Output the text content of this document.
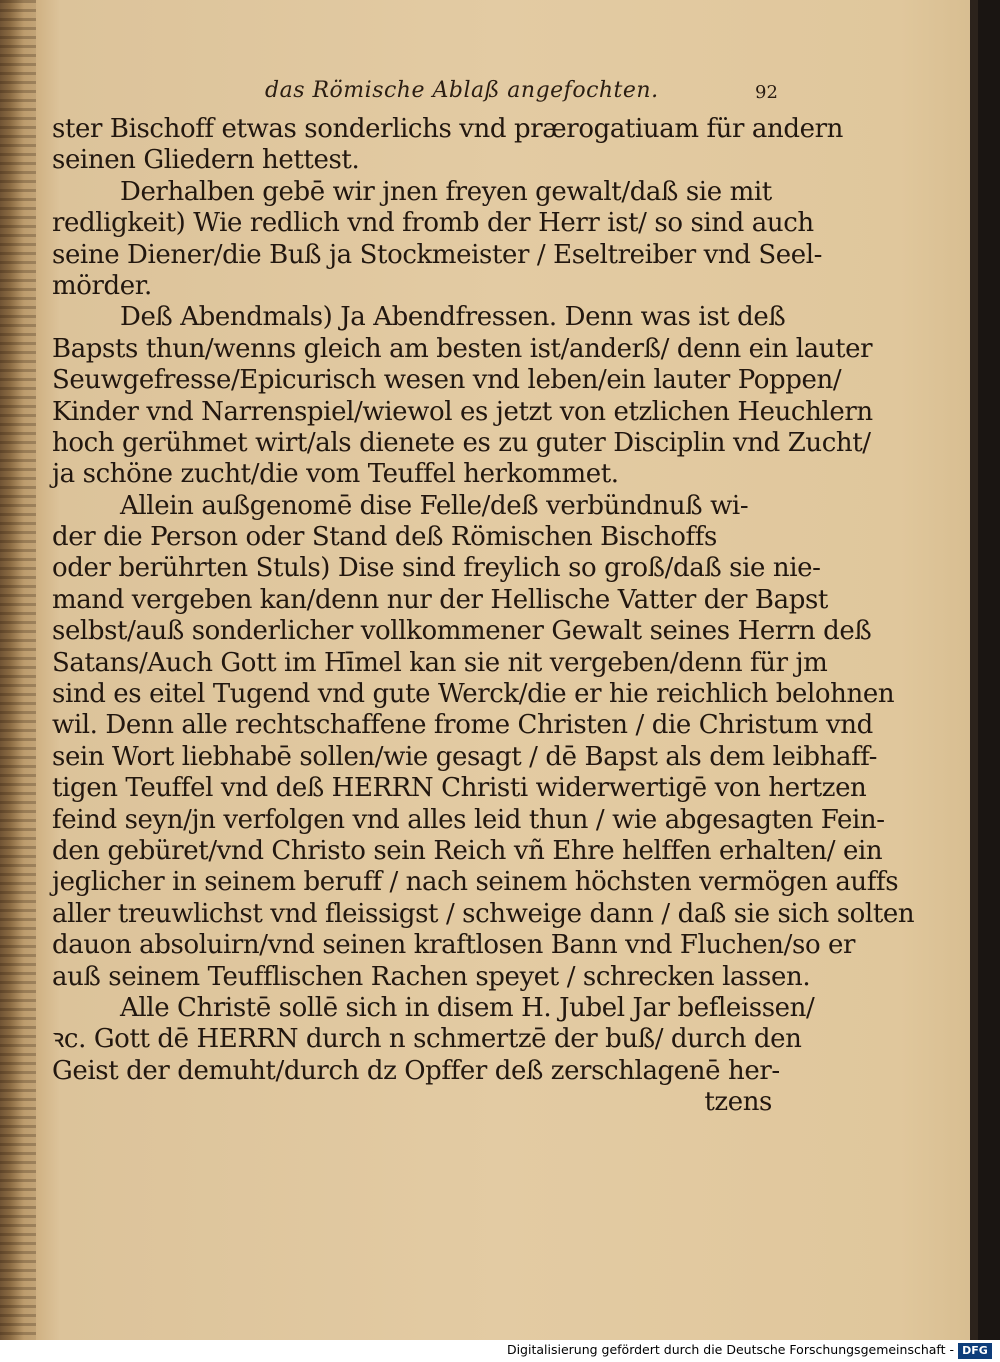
das Römische Ablaß angefochten.	92
ster Bischoff etwas sonderlichs vnd prærogatiuam für andern
seinen Gliedern hettest.
Derhalben gebē wir jnen freyen gewalt/daß sie mit
redligkeit) Wie redlich vnd fromb der Herr ist/ so sind auch
seine Diener/die Buß ja Stockmeister / Eseltreiber vnd Seel-
mörder.
Deß Abendmals) Ja Abendfressen. Denn was ist deß
Bapsts thun/wenns gleich am besten ist/anderß/ denn ein lauter
Seuwgefresse/Epicurisch wesen vnd leben/ein lauter Poppen/
Kinder vnd Narrenspiel/wiewol es jetzt von etzlichen Heuchlern
hoch gerühmet wirt/als dienete es zu guter Disciplin vnd Zucht/
ja schöne zucht/die vom Teuffel herkommet.
Allein außgenomē dise Felle/deß verbündnuß wi-
der die Person oder Stand deß Römischen Bischoffs
oder berührten Stuls) Dise sind freylich so groß/daß sie nie-
mand vergeben kan/denn nur der Hellische Vatter der Bapst
selbst/auß sonderlicher vollkommener Gewalt seines Herrn deß
Satans/Auch Gott im Hīmel kan sie nit vergeben/denn für jm
sind es eitel Tugend vnd gute Werck/die er hie reichlich belohnen
wil. Denn alle rechtschaffene frome Christen / die Christum vnd
sein Wort liebhabē sollen/wie gesagt / dē Bapst als dem leibhaff-
tigen Teuffel vnd deß HERRN Christi widerwertigē von hertzen
feind seyn/jn verfolgen vnd alles leid thun / wie abgesagten Fein-
den gebüret/vnd Christo sein Reich vñ Ehre helffen erhalten/ ein
jeglicher in seinem beruff / nach seinem höchsten vermögen auffs
aller treuwlichst vnd fleissigst / schweige dann / daß sie sich solten
dauon absoluirn/vnd seinen kraftlosen Bann vnd Fluchen/so er
auß seinem Teufflischen Rachen speyet / schrecken lassen.
Alle Christē sollē sich in disem H. Jubel Jar befleissen/
ꝛc. Gott dē HERRN durch n schmertzē der buß/ durch den
Geist der demuht/durch dz Opffer deß zerschlagenē her-
tzens
Digitalisierung gefördert durch die Deutsche Forschungsgemeinschaft - DFG
